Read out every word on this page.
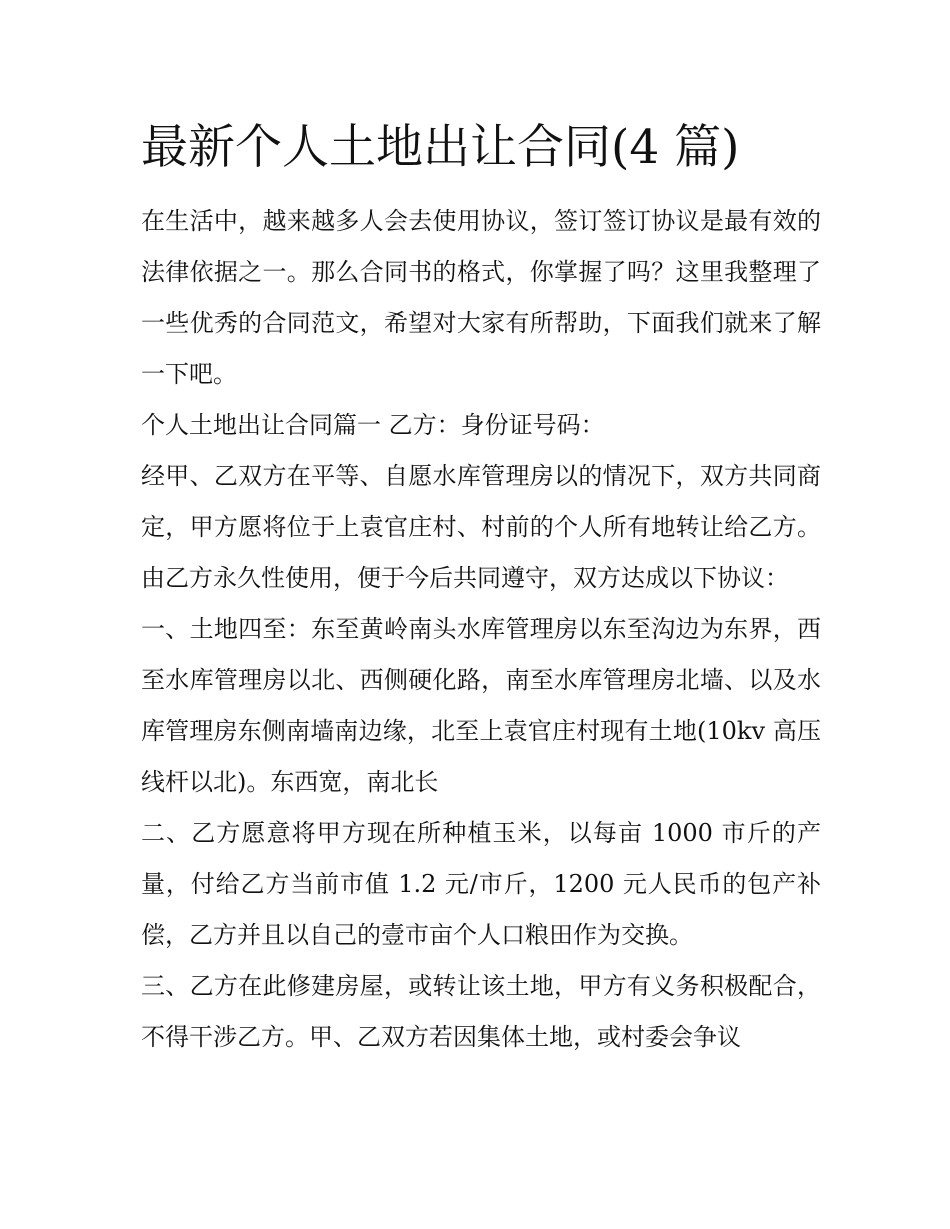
最新个人土地出让合同(4 篇)

在生活中，越来越多人会去使用协议，签订签订协议是最有效的法律依据之一。那么合同书的格式，你掌握了吗？这里我整理了一些优秀的合同范文，希望对大家有所帮助，下面我们就来了解一下吧。

个人土地出让合同篇一 乙方：身份证号码：

经甲、乙双方在平等、自愿水库管理房以的情况下，双方共同商定，甲方愿将位于上袁官庄村、村前的个人所有地转让给乙方。由乙方永久性使用，便于今后共同遵守，双方达成以下协议：

一、土地四至：东至黄岭南头水库管理房以东至沟边为东界，西至水库管理房以北、西侧硬化路，南至水库管理房北墙、以及水库管理房东侧南墙南边缘，北至上袁官庄村现有土地(10kv 高压线杆以北)。东西宽，南北长

二、乙方愿意将甲方现在所种植玉米，以每亩 1000 市斤的产量，付给乙方当前市值 1.2 元/市斤，1200 元人民币的包产补偿，乙方并且以自己的壹市亩个人口粮田作为交换。

三、乙方在此修建房屋，或转让该土地，甲方有义务积极配合，不得干涉乙方。甲、乙双方若因集体土地，或村委会争议
